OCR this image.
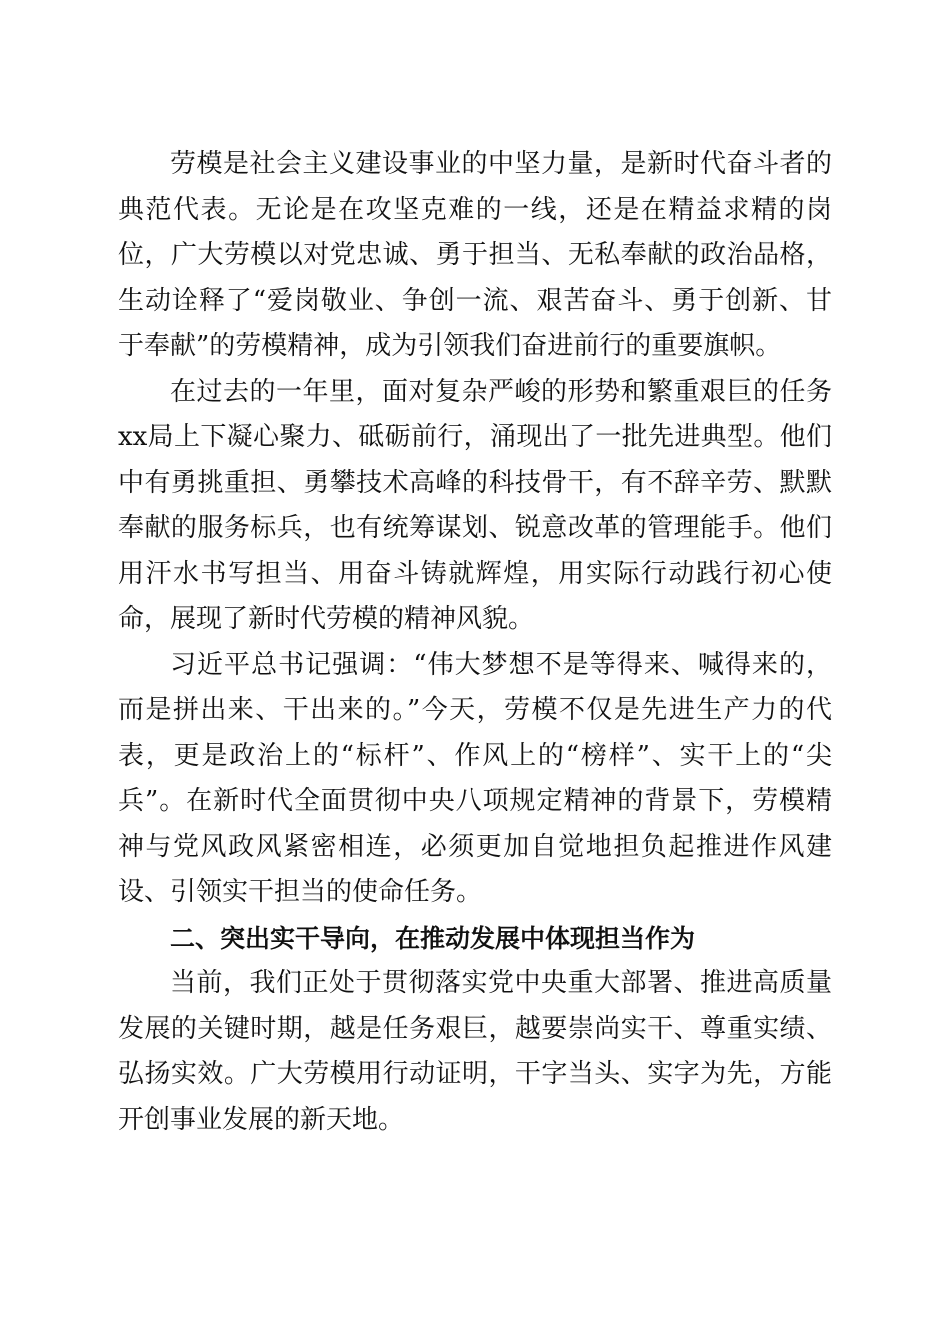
劳模是社会主义建设事业的中坚力量，是新时代奋斗者的典范代表。无论是在攻坚克难的一线，还是在精益求精的岗位，广大劳模以对党忠诚、勇于担当、无私奉献的政治品格，生动诠释了“爱岗敬业、争创一流、艰苦奋斗、勇于创新、甘于奉献”的劳模精神，成为引领我们奋进前行的重要旗帜。

在过去的一年里，面对复杂严峻的形势和繁重艰巨的任务xx局上下凝心聚力、砥砺前行，涌现出了一批先进典型。他们中有勇挑重担、勇攀技术高峰的科技骨干，有不辞辛劳、默默奉献的服务标兵，也有统筹谋划、锐意改革的管理能手。他们用汗水书写担当、用奋斗铸就辉煌，用实际行动践行初心使命，展现了新时代劳模的精神风貌。

习近平总书记强调：“伟大梦想不是等得来、喊得来的，而是拼出来、干出来的。”今天，劳模不仅是先进生产力的代表，更是政治上的“标杆”、作风上的“榜样”、实干上的“尖兵”。在新时代全面贯彻中央八项规定精神的背景下，劳模精神与党风政风紧密相连，必须更加自觉地担负起推进作风建设、引领实干担当的使命任务。

二、突出实干导向，在推动发展中体现担当作为

当前，我们正处于贯彻落实党中央重大部署、推进高质量发展的关键时期，越是任务艰巨，越要崇尚实干、尊重实绩、弘扬实效。广大劳模用行动证明，干字当头、实字为先，方能开创事业发展的新天地。
